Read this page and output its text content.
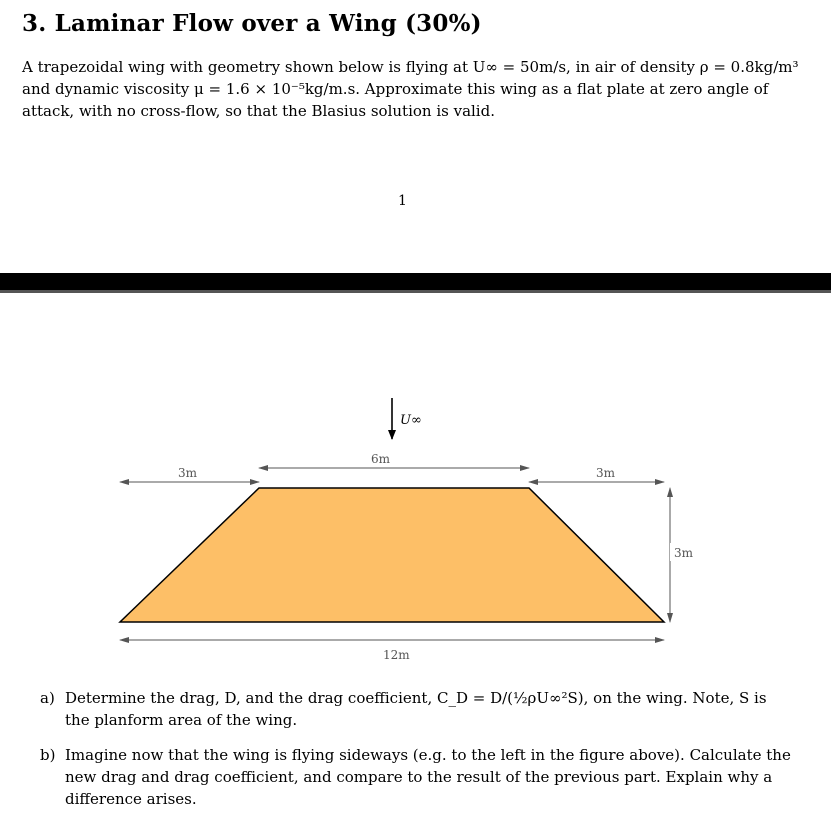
3. Laminar Flow over a Wing (30%)
A trapezoidal wing with geometry shown below is flying at U∞ = 50m/s, in air of density ρ = 0.8kg/m³
and dynamic viscosity μ = 1.6 × 10⁻⁵kg/m.s. Approximate this wing as a flat plate at zero angle of
attack, with no cross-flow, so that the Blasius solution is valid.
1
U∞
6m
3m	3m
3m
12m
a) Determine the drag, D, and the drag coefficient, C_D = D/(½ρU∞²S), on the wing. Note, S is
the planform area of the wing.
b) Imagine now that the wing is flying sideways (e.g. to the left in the figure above). Calculate the
new drag and drag coefficient, and compare to the result of the previous part. Explain why a
difference arises.
